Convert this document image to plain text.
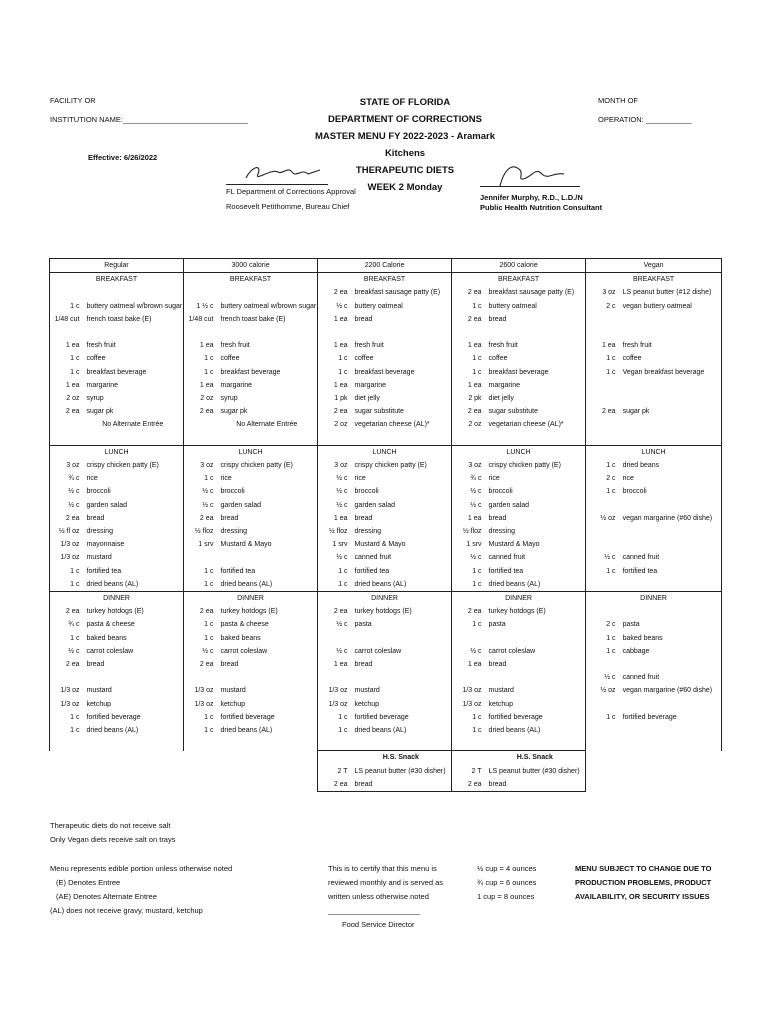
FACILITY OR
INSTITUTION NAME:______________________________
Effective: 6/26/2022
MONTH OF
OPERATION: ___________
STATE OF FLORIDA
DEPARTMENT OF CORRECTIONS
MASTER MENU FY 2022-2023 - Aramark Kitchens
THERAPEUTIC DIETS
WEEK 2 Monday
FL Department of Corrections Approval
Roosevelt Petithomme, Bureau Chief
Jennifer Murphy, R.D., L.D./N
Public Health Nutrition Consultant
Regular		3000 calorie		2200 Calorie		2600 calorie		Vegan	
BREAKFAST		BREAKFAST		BREAKFAST		BREAKFAST		BREAKFAST	
				2 ea	breakfast sausage patty (E)	2 ea	breakfast sausage patty (E)	3 oz	LS peanut butter (#12 dishe)
1 c	buttery oatmeal w/brown sugar	1 ½ c	buttery oatmeal w/brown sugar	½ c	buttery oatmeal	1 c	buttery oatmeal	2 c	vegan buttery oatmeal
1/48 cut	french toast bake (E)	1/48 cut	french toast bake (E)	1 ea	bread	2 ea	bread		

1 ea	fresh fruit	1 ea	fresh fruit	1 ea	fresh fruit	1 ea	fresh fruit	1 ea	fresh fruit
1 c	coffee	1 c	coffee	1 c	coffee	1 c	coffee	1 c	coffee
1 c	breakfast beverage	1 c	breakfast beverage	1 c	breakfast beverage	1 c	breakfast beverage	1 c	Vegan breakfast beverage
1 ea	margarine	1 ea	margarine	1 ea	margarine	1 ea	margarine		
2 oz	syrup	2 oz	syrup	1 pk	diet jelly	2 pk	diet jelly		
2 ea	sugar pk	2 ea	sugar pk	2 ea	sugar substitute	2 ea	sugar substitute	2 ea	sugar pk
	No Alternate Entrée		No Alternate Entrée	2 oz	vegetarian cheese (AL)*	2 oz	vegetarian cheese (AL)*		

LUNCH		LUNCH		LUNCH		LUNCH		LUNCH	
3 oz	crispy chicken patty (E)	3 oz	crispy chicken patty (E)	3 oz	crispy chicken patty (E)	3 oz	crispy chicken patty (E)	1 c	dried beans
¾ c	rice	1 c	rice	½ c	rice	¾ c	rice	2 c	rice
½ c	broccoli	½ c	broccoli	½ c	broccoli	½ c	broccoli	1 c	broccoli
½ c	garden salad	½ c	garden salad	½ c	garden salad	½ c	garden salad		
2 ea	bread	2 ea	bread	1 ea	bread	1 ea	bread	½ oz	vegan margarine (#60 dishe)
½ fl oz	dressing	½ floz	dressing	½ floz	dressing	½ floz	dressing		
1/3 oz	mayonnaise	1 srv	Mustard & Mayo	1 srv	Mustard & Mayo	1 srv	Mustard & Mayo		
1/3 oz	mustard			½ c	canned fruit	½ c	canned fruit	½ c	canned fruit
1 c	fortified tea	1 c	fortified tea	1 c	fortified tea	1 c	fortified tea	1 c	fortified tea
1 c	dried beans (AL)	1 c	dried beans (AL)	1 c	dried beans (AL)	1 c	dried beans (AL)		
DINNER		DINNER		DINNER		DINNER		DINNER	
2 ea	turkey hotdogs (E)	2 ea	turkey hotdogs (E)	2 ea	turkey hotdogs (E)	2 ea	turkey hotdogs (E)		
¾ c	pasta & cheese	1 c	pasta & cheese	½ c	pasta	1 c	pasta	2 c	pasta
1 c	baked beans	1 c	baked beans					1 c	baked beans
½ c	carrot coleslaw	½ c	carrot coleslaw	½ c	carrot coleslaw	½ c	carrot coleslaw	1 c	cabbage
2 ea	bread	2 ea	bread	1 ea	bread	1 ea	bread		
								½ c	canned fruit
1/3 oz	mustard	1/3 oz	mustard	1/3 oz	mustard	1/3 oz	mustard	½ oz	vegan margarine (#60 dishe)
1/3 oz	ketchup	1/3 oz	ketchup	1/3 oz	ketchup	1/3 oz	ketchup		
1 c	fortified beverage	1 c	fortified beverage	1 c	fortified beverage	1 c	fortified beverage	1 c	fortified beverage
1 c	dried beans (AL)	1 c	dried beans (AL)	1 c	dried beans (AL)	1 c	dried beans (AL)		

					H.S. Snack		H.S. Snack		
				2 T	LS peanut butter (#30 disher)	2 T	LS peanut butter (#30 disher)		
				2 ea	bread	2 ea	bread		
Therapeutic diets do not receive salt
Only Vegan diets receive salt on trays
Menu represents edible portion unless otherwise noted
(E) Denotes Entree
(AE) Denotes Alternate Entree
(AL) does not receive gravy, mustard, ketchup
This is to certify that this menu is
reviewed monthly and is served as
written unless otherwise noted
______________________
Food Service Director
½ cup = 4 ounces
¾ cup = 6 ounces
1 cup = 8 ounces
MENU SUBJECT TO CHANGE DUE TO
PRODUCTION PROBLEMS, PRODUCT
AVAILABILITY, OR SECURITY ISSUES
